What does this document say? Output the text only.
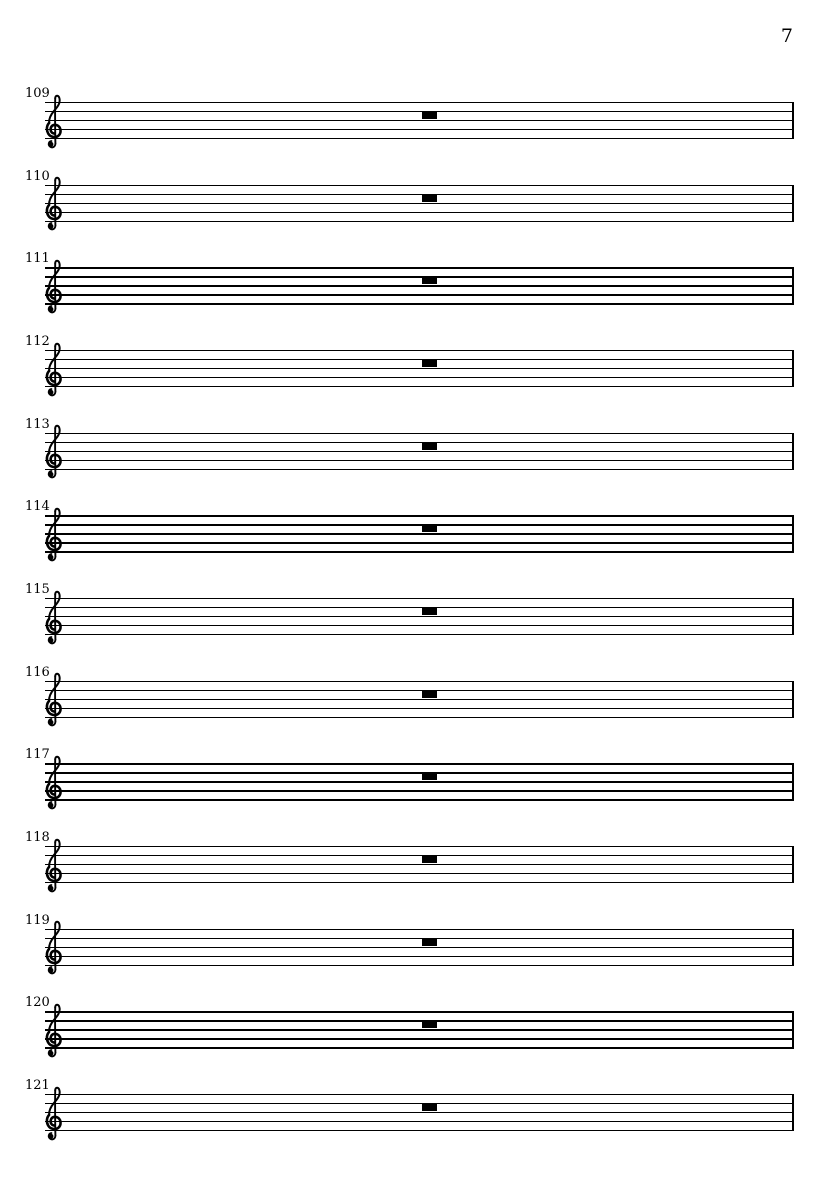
7
109
110
111
112
113
114
115
116
117
118
119
120
121
